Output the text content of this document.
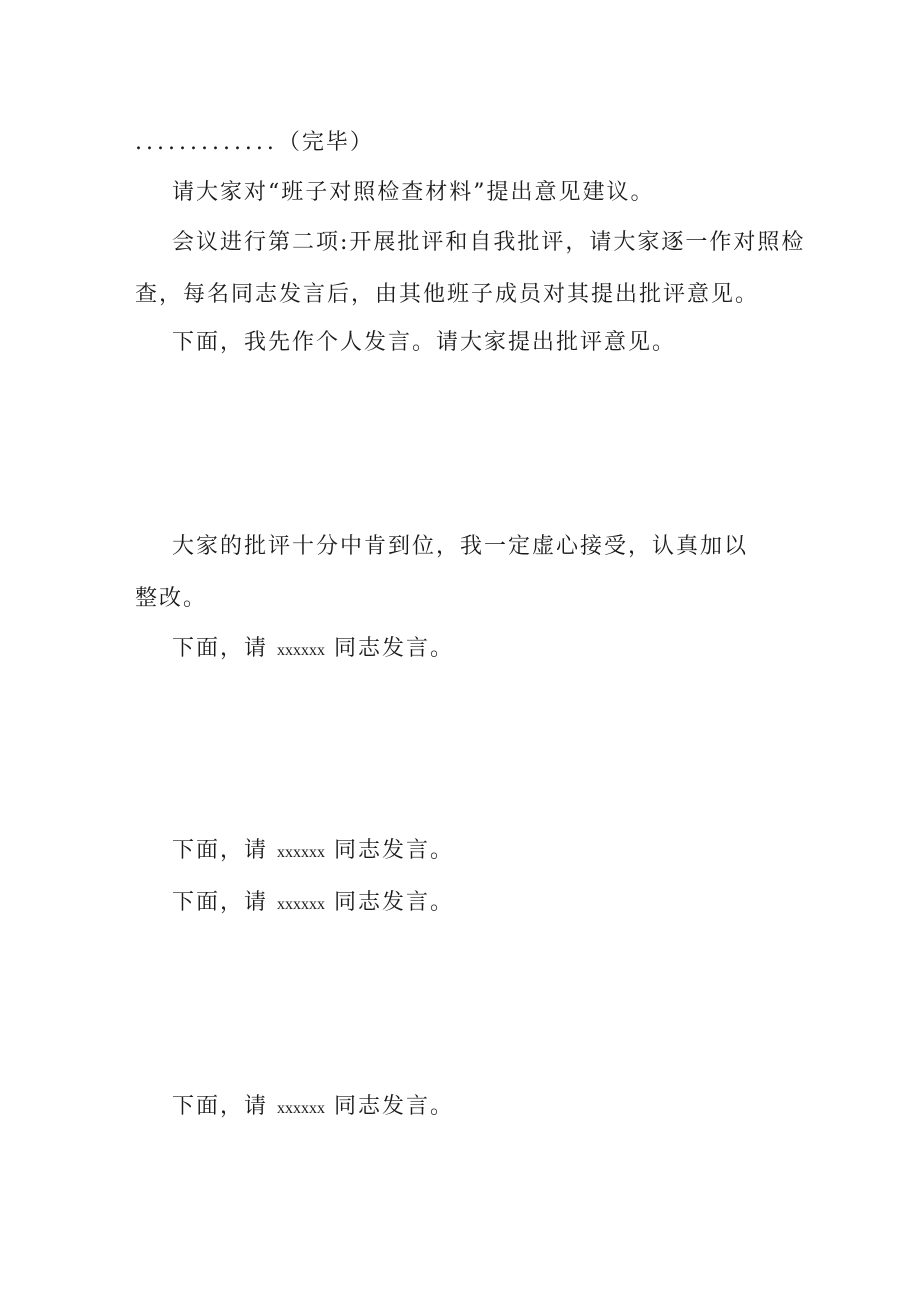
.............（完毕）
请大家对“班子对照检查材料”提出意见建议。
会议进行第二项:开展批评和自我批评，请大家逐一作对照检
查，每名同志发言后，由其他班子成员对其提出批评意见。
下面，我先作个人发言。请大家提出批评意见。
大家的批评十分中肯到位，我一定虚心接受，认真加以
整改。
下面，请 xxxxxx 同志发言。
下面，请 xxxxxx 同志发言。
下面，请 xxxxxx 同志发言。
下面，请 xxxxxx 同志发言。
